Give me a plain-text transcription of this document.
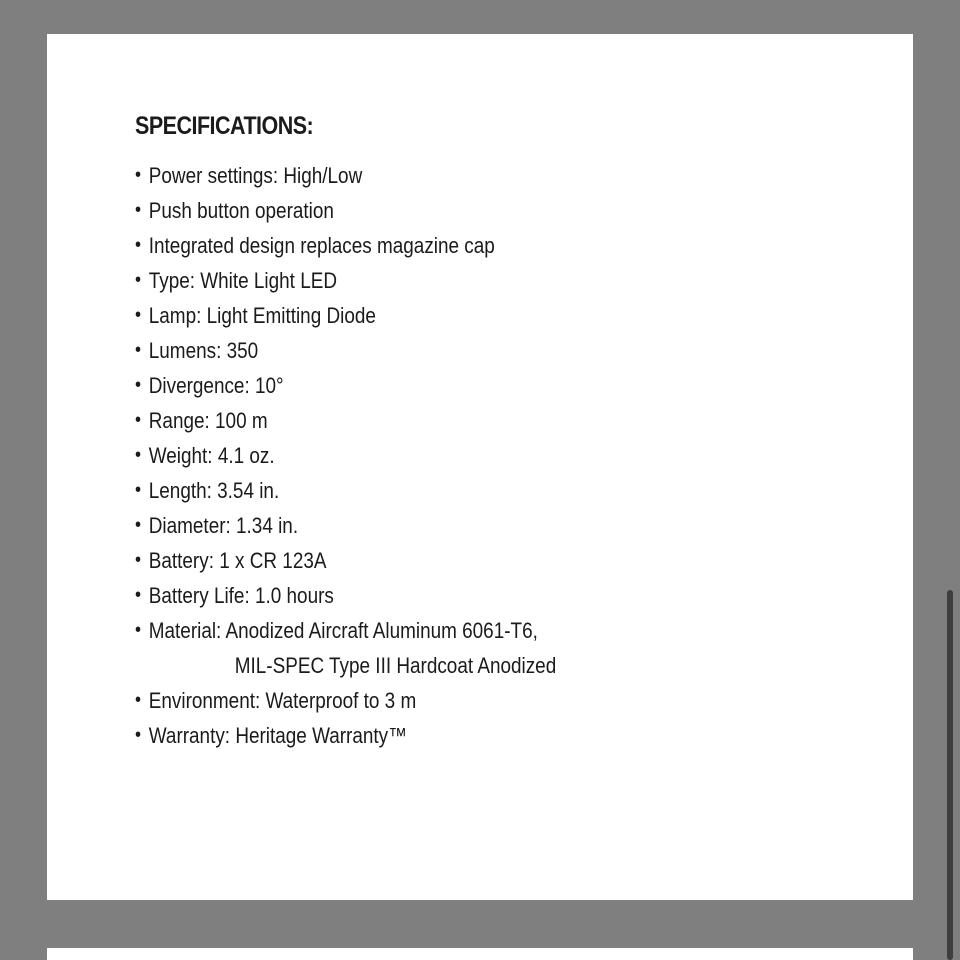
SPECIFICATIONS:
• Power settings: High/Low
• Push button operation
• Integrated design replaces magazine cap
• Type: White Light LED
• Lamp: Light Emitting Diode
• Lumens: 350
• Divergence: 10°
• Range: 100 m
• Weight: 4.1 oz.
• Length: 3.54 in.
• Diameter: 1.34 in.
• Battery: 1 x CR 123A
• Battery Life: 1.0 hours
• Material: Anodized Aircraft Aluminum 6061-T6,
MIL-SPEC Type III Hardcoat Anodized
• Environment: Waterproof to 3 m
• Warranty: Heritage Warranty™
